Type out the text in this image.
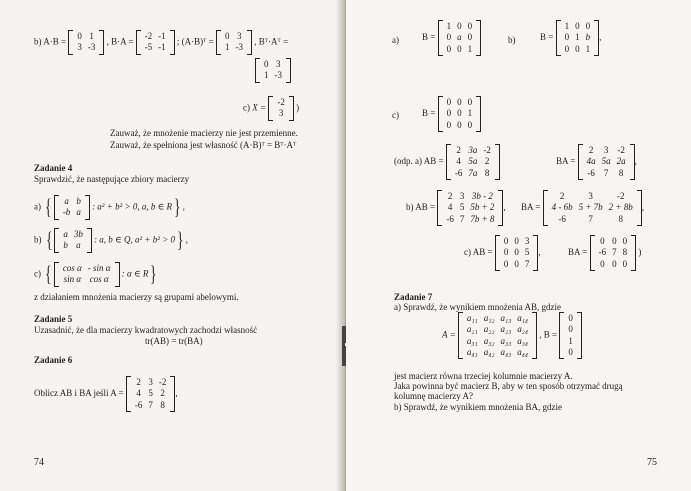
b) A·B =
0	1
3	-3
, B·A =
-2	-1
-5	-1
; (A·B)ᵀ =
0	3
1	-3
, Bᵀ·Aᵀ =
0	3
1	-3
c) X =
-2
3
)
Zauważ, że mnożenie macierzy nie jest przemienne.
Zauważ, że spełniona jest własność (A·B)ᵀ = Bᵀ·Aᵀ
Zadanie 4
Sprawdzić, że następujące zbiory macierzy
a) { a	b
-b	a
: a² + b² > 0, a, b ∈ R} ,
b) { a	3b
b	a
: a, b ∈ Q, a² + b² > 0} ,
c) { cos α	- sin α
sin α	cos α
: α ∈ R}
z działaniem mnożenia macierzy są grupami abelowymi.
Zadanie 5
Uzasadnić, że dla macierzy kwadratowych zachodzi własność
tr(AB) = tr(BA)
Zadanie 6
Oblicz AB i BA jeśli A =
2	3	-2
4	5	2
-6	7	8
,
74
a)	B =
1	0	0
0	a	0
0	0	1
b)	B =
1	0	0
0	1	b
0	0	1
,
c)	B =
0	0	0
0	0	1
0	0	0
(odp. a) AB =
2	3a	-2
4	5a	2
-6	7a	8
BA =
2	3	-2
4a	5a	2a
-6	7	8
,
b) AB =
2	3	3b - 2
4	5	5b + 2
-6	7	7b + 8
, BA =
2	3	-2
4 - 6b	5 + 7b	2 + 8b
-6	7	8
,
c) AB =
0	0	3
0	0	5
0	0	7
,	BA =
0	0	0
-6	7	8
0	0	0
)
Zadanie 7
a) Sprawdź, że wynikiem mnożenia AB, gdzie
A =
a₁₁	a₁₂	a₁₃	a₁₄
a₂₁	a₂₂	a₂₃	a₂₄
a₃₁	a₃₂	a₃₃	a₃₄
a₄₁	a₄₂	a₄₃	a₄₄
, B =
0
0
1
0
jest macierz równa trzeciej kolumnie macierzy A.
Jaka powinna być macierz B, aby w ten sposób otrzymać drugą
kolumnę macierzy A?
b) Sprawdź, że wynikiem mnożenia BA, gdzie
75
